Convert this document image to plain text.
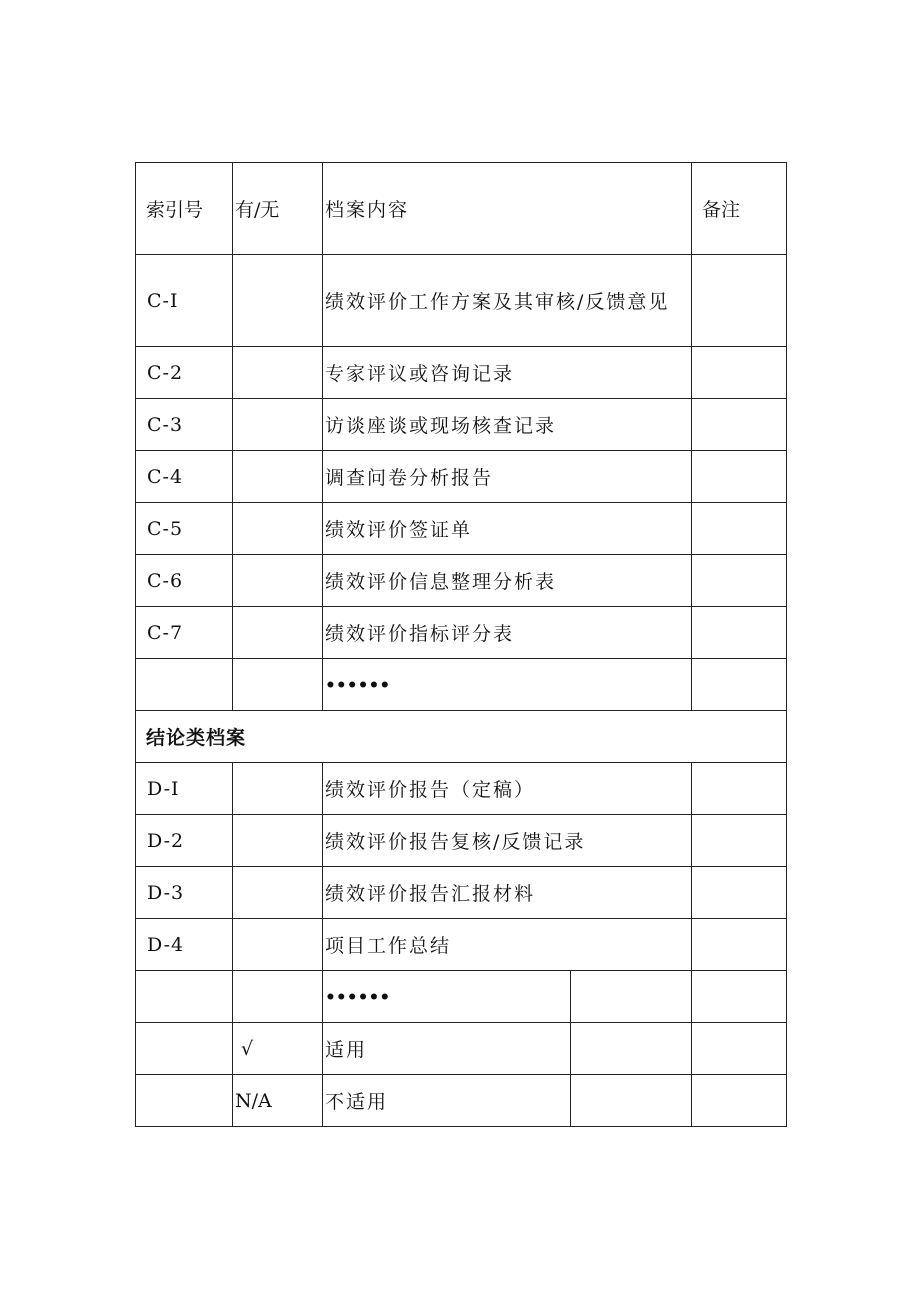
索引号	有/无	档案内容		备注
C-I		绩效评价工作方案及其审核/反馈意见		
C-2		专家评议或咨询记录		
C-3		访谈座谈或现场核查记录		
C-4		调查问卷分析报告		
C-5		绩效评价签证单		
C-6		绩效评价信息整理分析表		
C-7		绩效评价指标评分表		
		••••••		
结论类档案				
D-I		绩效评价报告（定稿）		
D-2		绩效评价报告复核/反馈记录		
D-3		绩效评价报告汇报材料		
D-4		项目工作总结		
		••••••		
	√	适用		
	N/A	不适用		
